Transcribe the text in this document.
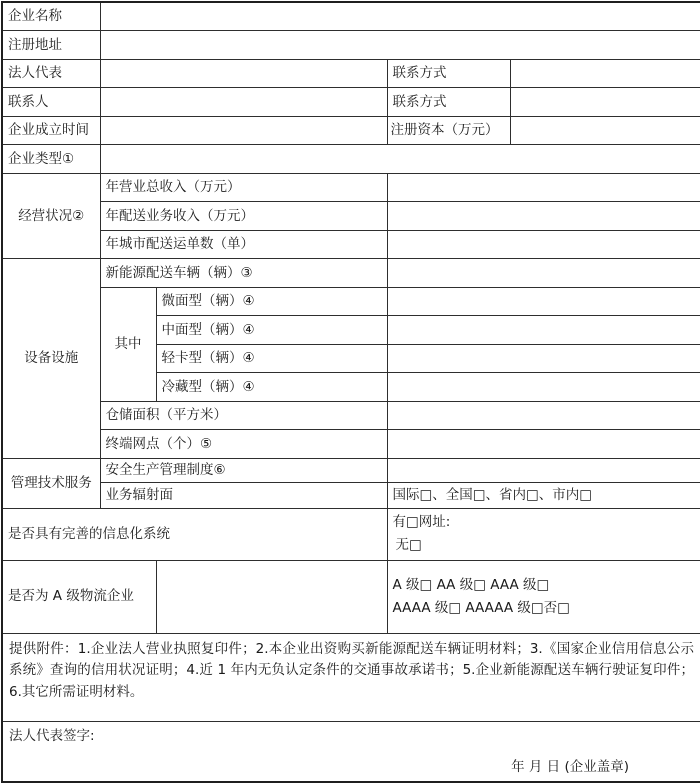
企业名称				
注册地址				
法人代表			联系方式	
联系人			联系方式	
企业成立时间			注册资本（万元）	
企业类型①				
经营状况②	年营业总收入（万元）			
	年配送业务收入（万元）			
	年城市配送运单数（单）			
设备设施	新能源配送车辆（辆）③			
	其中	微面型（辆）④		
		中面型（辆）④		
		轻卡型（辆）④		
		冷藏型（辆）④		
	仓储面积（平方米）			
	终端网点（个）⑤			
管理技术服务	安全生产管理制度⑥			
	业务辐射面		国际□、全国□、省内□、市内□	
是否具有完善的信息化系统			有□网址:
无□	

是否为 A 级物流企业			A 级□ AA 级□ AAA 级□
AAAA 级□ AAAAA 级□否□	

提供附件：1.企业法人营业执照复印件；2.本企业出资购买新能源配送车辆证明材料；3.《国家企业信用信息公示系统》查询的信用状况证明；4.近 1 年内无负认定条件的交通事故承诺书；5.企业新能源配送车辆行驶证复印件；6.其它所需证明材料。				

法人代表签字:
年 月 日 (企业盖章)				
